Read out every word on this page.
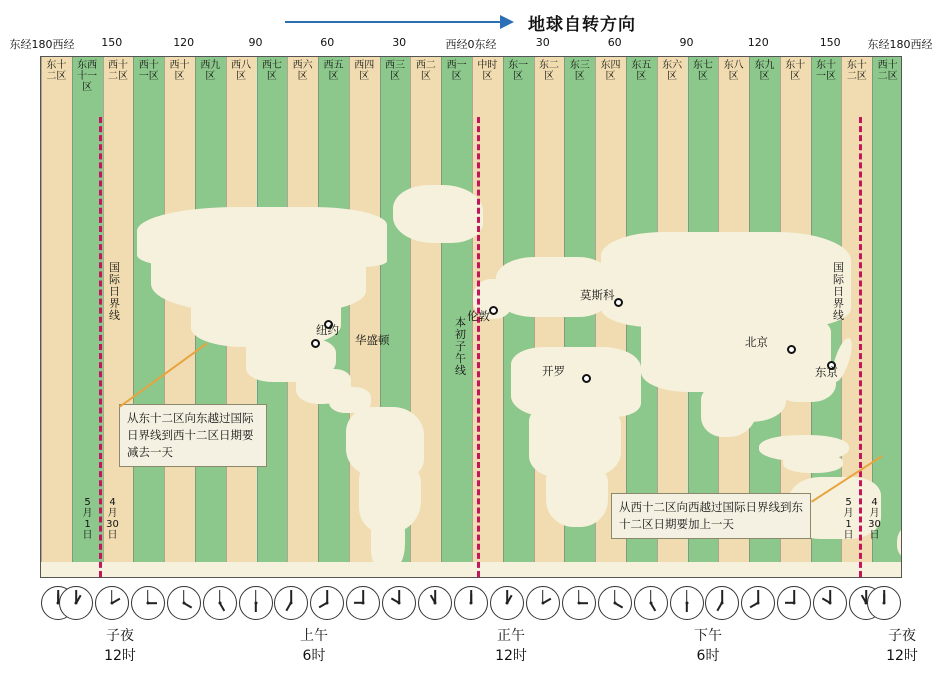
地球自转方向
东经180西经 150	120	90	60	30	西经0东经	30	60	90	120	150 东经180西经
东十二区
东西十一区
西十二区
西十一区
西十区
西九区
西八区
西七区
西六区
西五区
西四区
西三区
西二区
西一区
中时区
东一区
东二区
东三区
东四区
东五区
东六区
东七区
东八区
东九区
东十区
东十一区
东十二区
西十二区
国际日界线
国际日界线
本初子午线
5月1日
4月30日
5月1日
4月30日
从东十二区向东越过国际日界线到西十二区日期要减去一天
从西十二区向西越过国际日界线到东十二区日期要加上一天
纽约
华盛顿
伦敦
莫斯科
北京
东京
开罗
子夜
12时
上午
6时
正午
12时
下午
6时
子夜
12时
